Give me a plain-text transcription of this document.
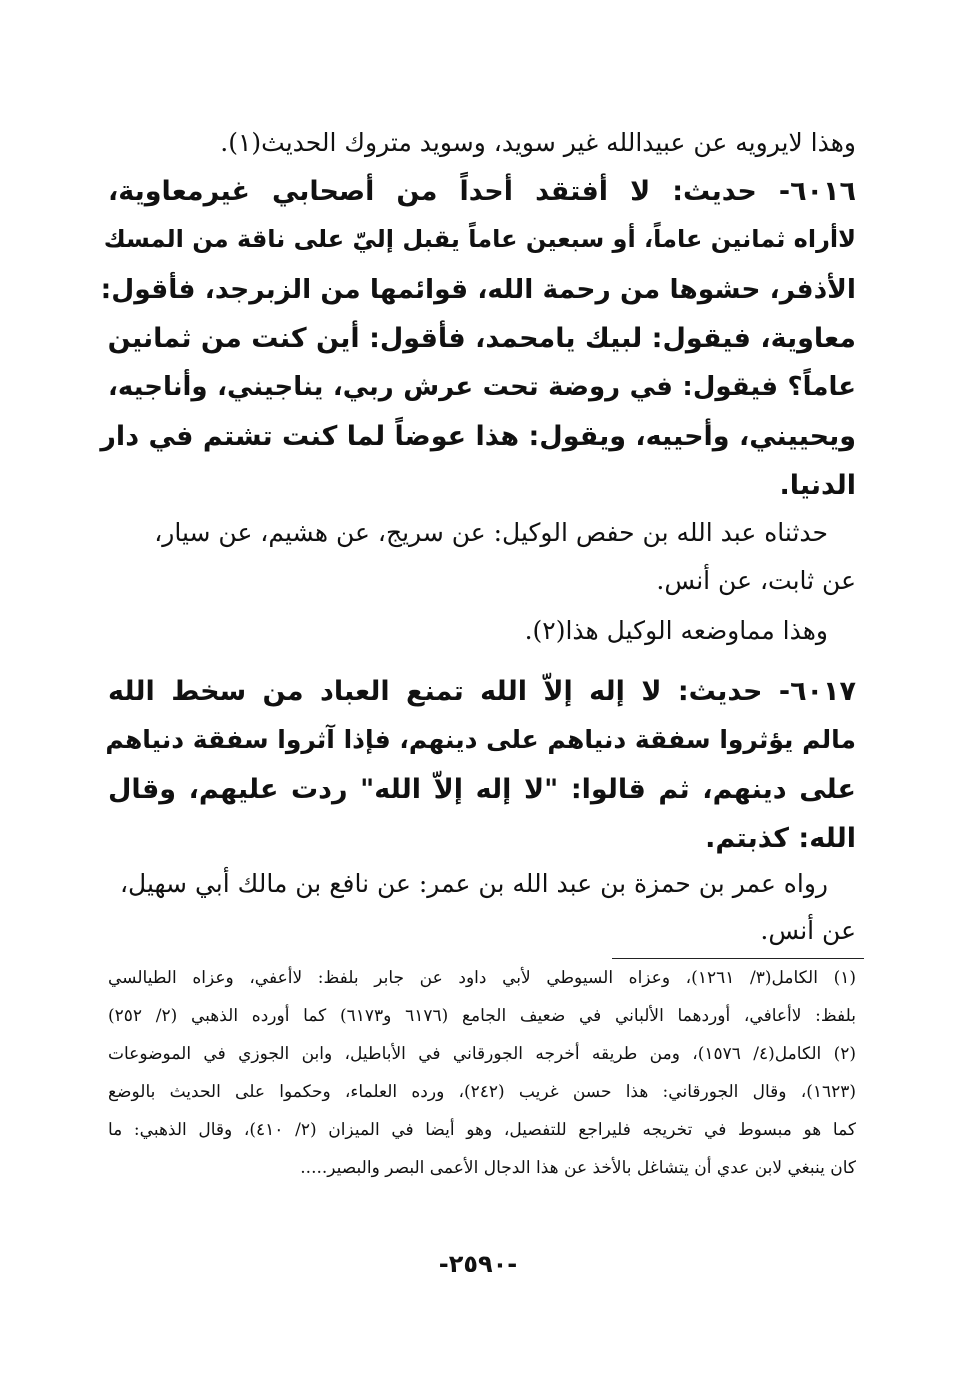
وهذا لايرويه عن عبيدالله غير سويد، وسويد متروك الحديث(١).
٦٠١٦- حديث: لا أفتقد أحداً من أصحابي غيرمعاوية،
لاأراه ثمانين عاماً، أو سبعين عاماً يقبل إليّ على ناقة من المسك
الأذفر، حشوها من رحمة الله، قوائمها من الزبرجد، فأقول:
معاوية، فيقول: لبيك يامحمد، فأقول: أين كنت من ثمانين
عاماً؟ فيقول: في روضة تحت عرش ربي، يناجيني، وأناجيه،
ويحييني، وأحييه، ويقول: هذا عوضاً لما كنت تشتم في دار
الدنيا.
حدثناه عبد الله بن حفص الوكيل: عن سريج، عن هشيم، عن سيار،
عن ثابت، عن أنس.
وهذا مماوضعه الوكيل هذا(٢).
٦٠١٧- حديث: لا إله إلاّ الله تمنع العباد من سخط الله
مالم يؤثروا سفقة دنياهم على دينهم، فإذا آثروا سفقة دنياهم
على دينهم، ثم قالوا: "لا إله إلاّ الله" ردت عليهم، وقال
الله: كذبتم.
رواه عمر بن حمزة بن عبد الله بن عمر: عن نافع بن مالك أبي سهيل،
عن أنس.
(١) الكامل(٣/ ١٢٦١)، وعزاه السيوطي لأبي داود عن جابر بلفظ: لاأعفي، وعزاه الطيالسي
بلفظ: لاأعافي، أوردهما الألباني في ضعيف الجامع (٦١٧٦ و٦١٧٣) كما أورده الذهبي (٢/ ٢٥٢)
(٢) الكامل(٤/ ١٥٧٦)، ومن طريقه أخرجه الجورقاني في الأباطيل، وابن الجوزي في الموضوعات
(١٦٢٣)، وقال الجورقاني: هذا حسن غريب (٢٤٢)، ورده العلماء، وحكموا على الحديث بالوضع
كما هو مبسوط في تخريجه فليراجع للتفصيل، وهو أيضا في الميزان (٢/ ٤١٠)، وقال الذهبي: ما
كان ينبغي لابن عدي أن يتشاغل بالأخذ عن هذا الدجال الأعمى البصر والبصير.....
-٢٥٩٠-
